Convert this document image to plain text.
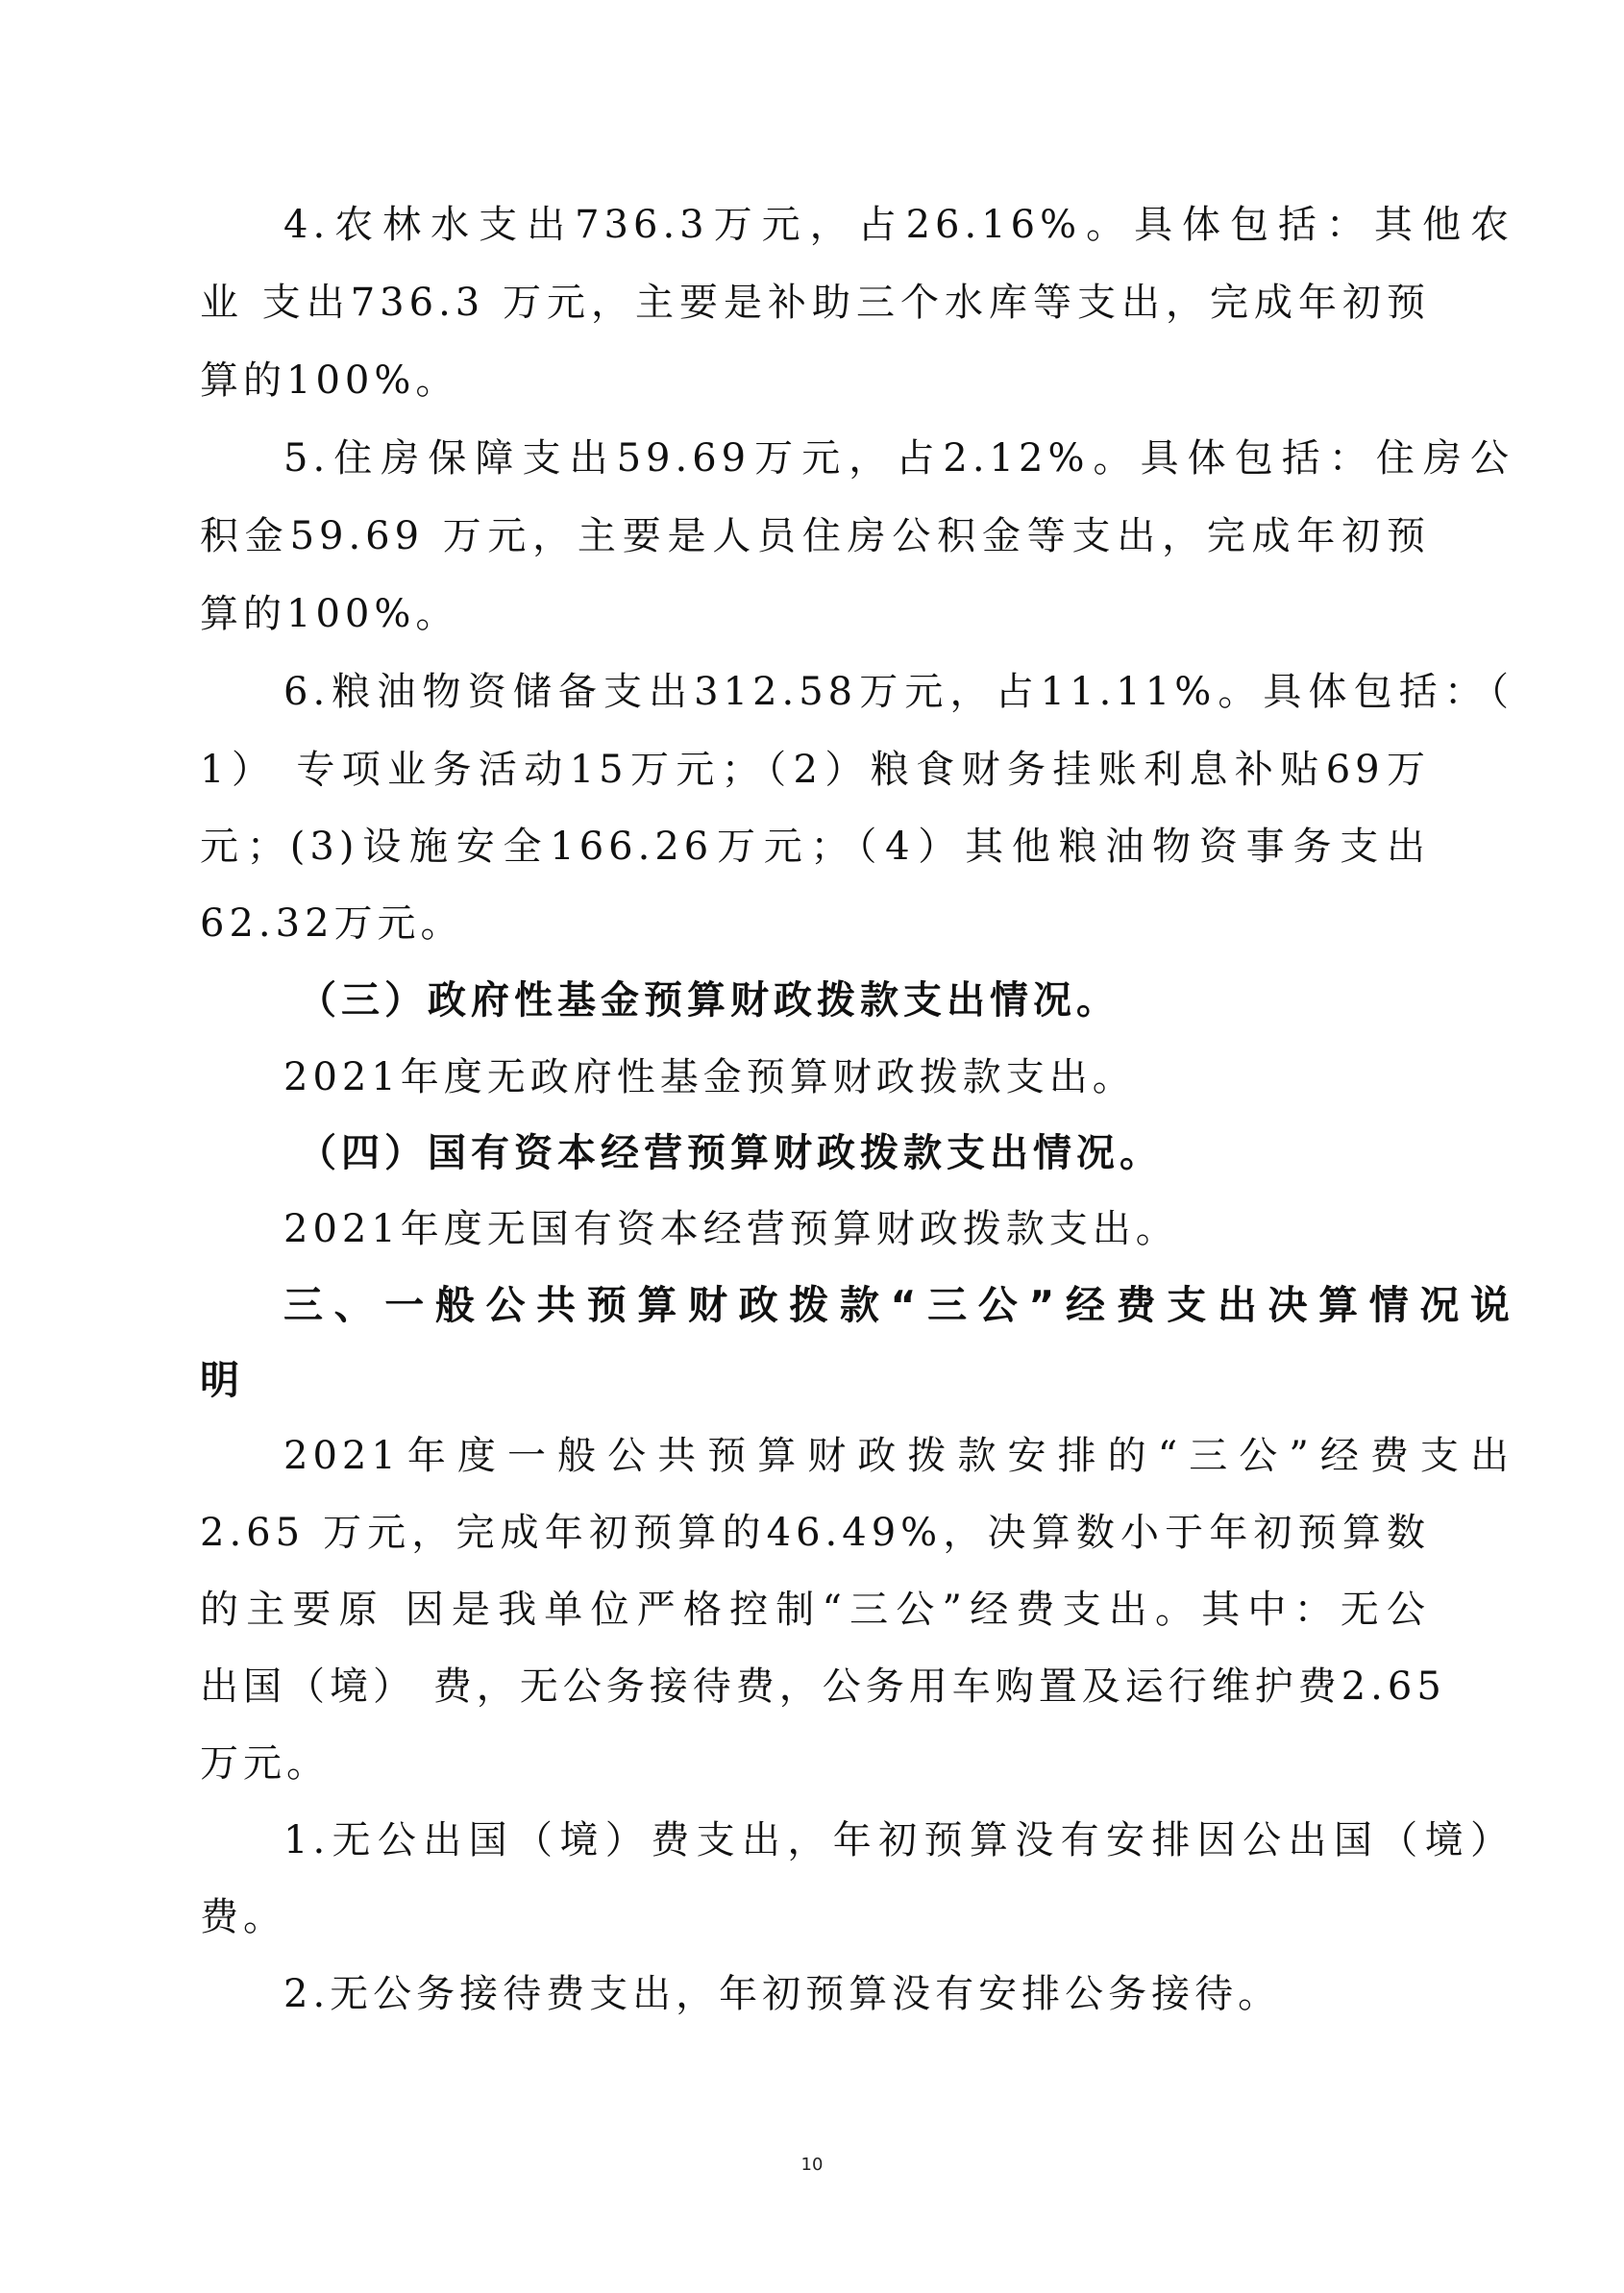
4.农林水支出736.3万元，占26.16%。具体包括：其他农
业 支出736.3 万元，主要是补助三个水库等支出，完成年初预
算的100%。
5.住房保障支出59.69万元，占2.12%。具体包括：住房公
积金59.69 万元，主要是人员住房公积金等支出，完成年初预
算的100%。
6.粮油物资储备支出312.58万元，占11.11%。具体包括：（
1） 专项业务活动15万元；（2）粮食财务挂账利息补贴69万
元；(3)设施安全166.26万元；（4）其他粮油物资事务支出
62.32万元。
（三）政府性基金预算财政拨款支出情况。
2021年度无政府性基金预算财政拨款支出。
（四）国有资本经营预算财政拨款支出情况。
2021年度无国有资本经营预算财政拨款支出。
三、一般公共预算财政拨款“三公”经费支出决算情况说
明
2021年度一般公共预算财政拨款安排的“三公”经费支出
2.65 万元，完成年初预算的46.49%，决算数小于年初预算数
的主要原 因是我单位严格控制“三公”经费支出。其中：无公
出国（境） 费，无公务接待费，公务用车购置及运行维护费2.65
万元。
1.无公出国（境）费支出，年初预算没有安排因公出国（境）
费。
2.无公务接待费支出，年初预算没有安排公务接待。
10
